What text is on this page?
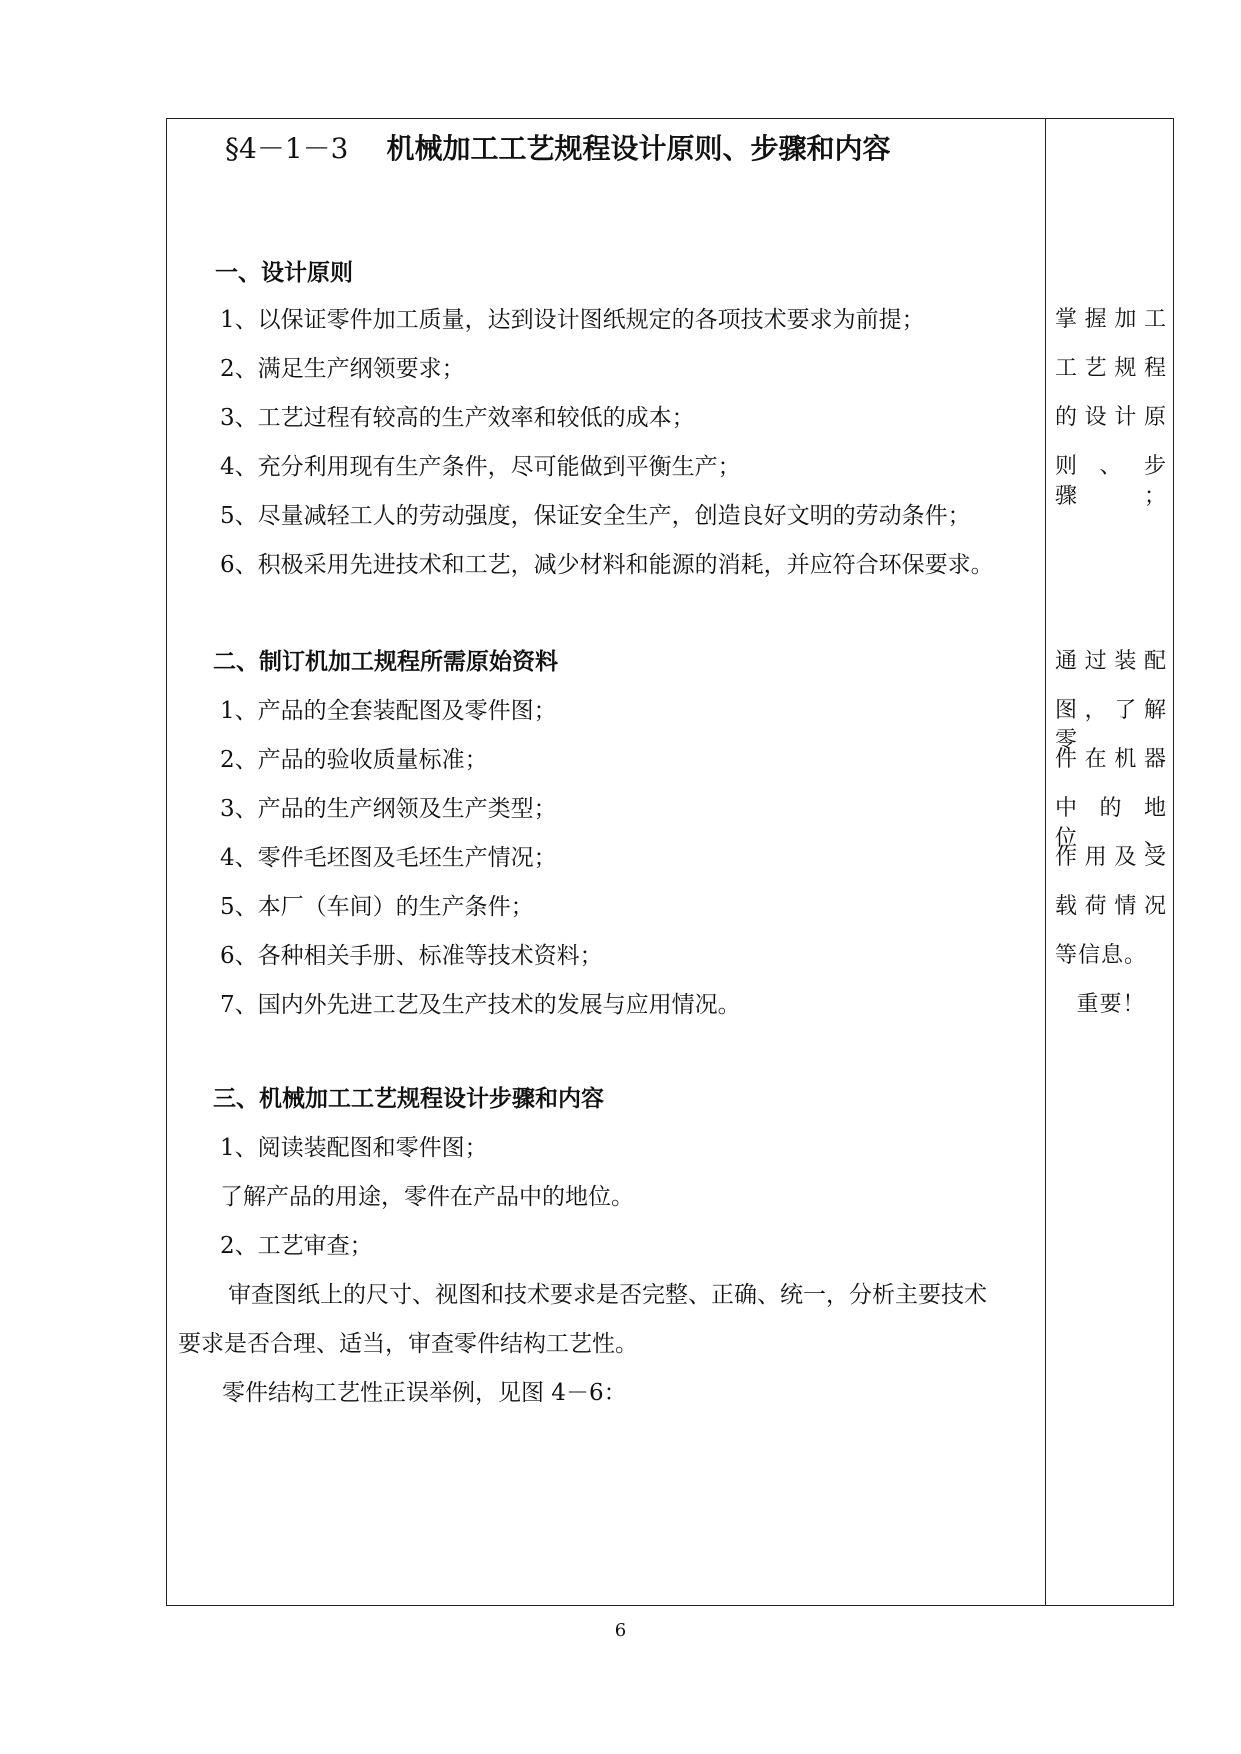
§4－1－3 机械加工工艺规程设计原则、步骤和内容
一、设计原则
1、以保证零件加工质量，达到设计图纸规定的各项技术要求为前提；
2、满足生产纲领要求；
3、工艺过程有较高的生产效率和较低的成本；
4、充分利用现有生产条件，尽可能做到平衡生产；
5、尽量减轻工人的劳动强度，保证安全生产，创造良好文明的劳动条件；
6、积极采用先进技术和工艺，减少材料和能源的消耗，并应符合环保要求。
二、制订机加工规程所需原始资料
1、产品的全套装配图及零件图；
2、产品的验收质量标准；
3、产品的生产纲领及生产类型；
4、零件毛坯图及毛坯生产情况；
5、本厂（车间）的生产条件；
6、各种相关手册、标准等技术资料；
7、国内外先进工艺及生产技术的发展与应用情况。
三、机械加工工艺规程设计步骤和内容
1、阅读装配图和零件图；
了解产品的用途，零件在产品中的地位。
2、工艺审查；
审查图纸上的尺寸、视图和技术要求是否完整、正确、统一，分析主要技术
要求是否合理、适当，审查零件结构工艺性。
零件结构工艺性正误举例，见图 4－6：
掌握加工
工艺规程
的设计原
则、步骤；
通过装配
图，了解零
件在机器
中的地位、
作用及受
载荷情况
等信息。
重要！
6
